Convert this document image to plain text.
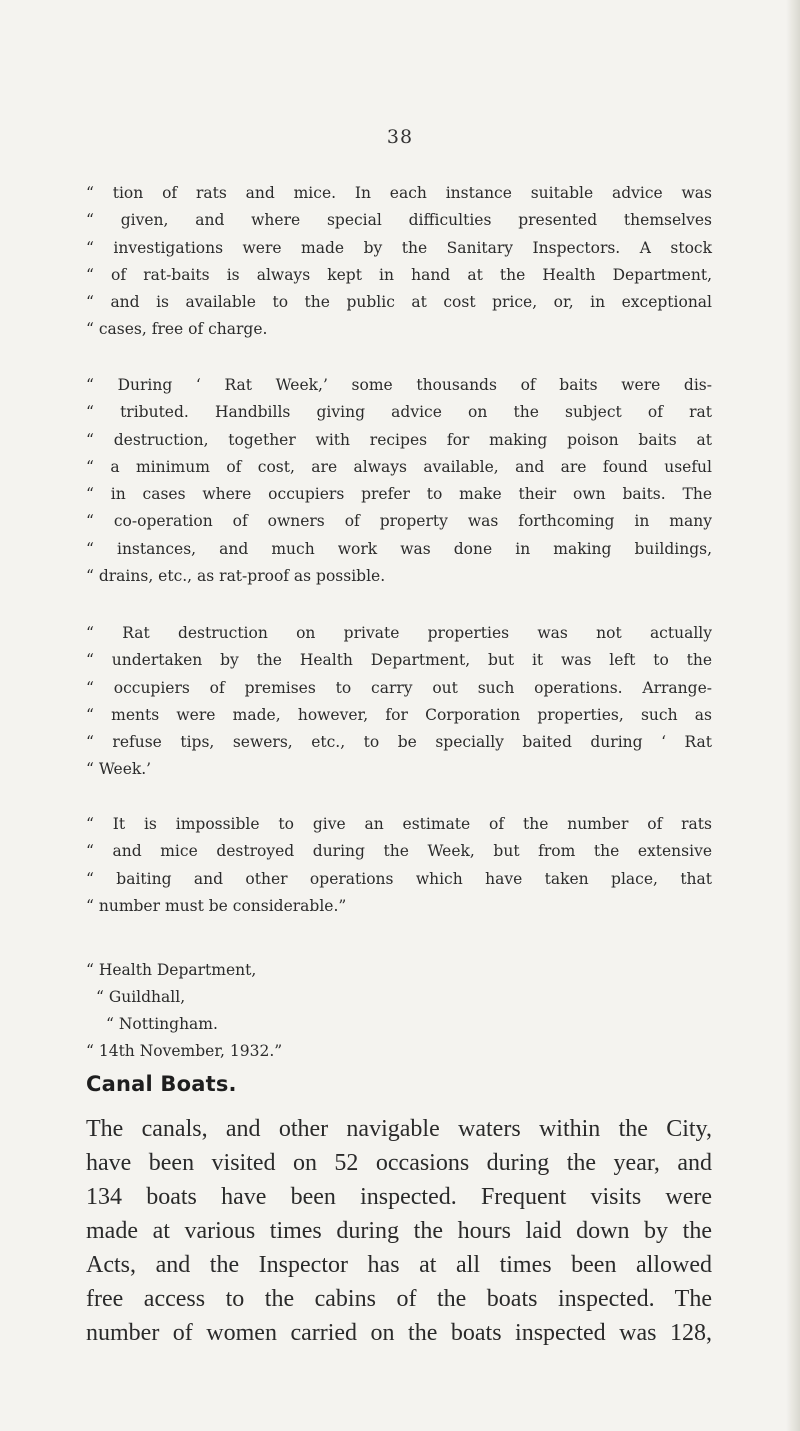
38
“ tion of rats and mice. In each instance suitable advice was
“ given, and where special difficulties presented themselves
“ investigations were made by the Sanitary Inspectors. A stock
“ of rat-baits is always kept in hand at the Health Department,
“ and is available to the public at cost price, or, in exceptional
“ cases, free of charge.
“ During ‘ Rat Week,’ some thousands of baits were dis-
“ tributed. Handbills giving advice on the subject of rat
“ destruction, together with recipes for making poison baits at
“ a minimum of cost, are always available, and are found useful
“ in cases where occupiers prefer to make their own baits. The
“ co-operation of owners of property was forthcoming in many
“ instances, and much work was done in making buildings,
“ drains, etc., as rat-proof as possible.
“ Rat destruction on private properties was not actually
“ undertaken by the Health Department, but it was left to the
“ occupiers of premises to carry out such operations. Arrange-
“ ments were made, however, for Corporation properties, such as
“ refuse tips, sewers, etc., to be specially baited during ‘ Rat
“ Week.’
“ It is impossible to give an estimate of the number of rats
“ and mice destroyed during the Week, but from the extensive
“ baiting and other operations which have taken place, that
“ number must be considerable.”
“ Health Department,
“ Guildhall,
“ Nottingham.
“ 14th November, 1932.”
Canal Boats.
The canals, and other navigable waters within the City,
have been visited on 52 occasions during the year, and
134 boats have been inspected. Frequent visits were
made at various times during the hours laid down by the
Acts, and the Inspector has at all times been allowed
free access to the cabins of the boats inspected. The
number of women carried on the boats inspected was 128,
